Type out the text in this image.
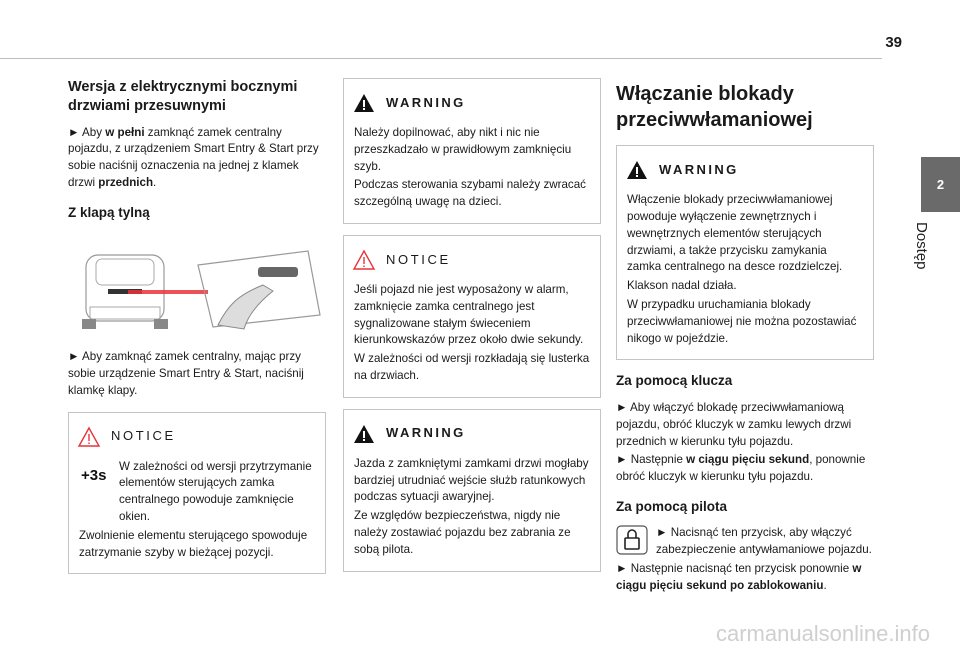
39
2
Dostęp
Wersja z elektrycznymi bocznymi drzwiami przesuwnymi

► Aby w pełni zamknąć zamek centralny pojazdu, z urządzeniem Smart Entry & Start przy sobie naciśnij oznaczenia na jednej z klamek drzwi przednich.

Z klapą tylną

► Aby zamknąć zamek centralny, mając przy sobie urządzenie Smart Entry & Start, naciśnij klamkę klapy.

NOTICE
+3s

W zależności od wersji przytrzymanie elementów sterujących zamka centralnego powoduje zamknięcie okien.

Zwolnienie elementu sterującego spowoduje zatrzymanie szyby w bieżącej pozycji.

WARNING

Należy dopilnować, aby nikt i nic nie przeszkadzało w prawidłowym zamknięciu szyb.

Podczas sterowania szybami należy zwracać szczególną uwagę na dzieci.

NOTICE

Jeśli pojazd nie jest wyposażony w alarm, zamknięcie zamka centralnego jest sygnalizowane stałym świeceniem kierunkowskazów przez około dwie sekundy.

W zależności od wersji rozkładają się lusterka na drzwiach.

WARNING

Jazda z zamkniętymi zamkami drzwi mogłaby bardziej utrudniać wejście służb ratunkowych podczas sytuacji awaryjnej.

Ze względów bezpieczeństwa, nigdy nie należy zostawiać pojazdu bez zabrania ze sobą pilota.

Włączanie blokady przeciwwłamaniowej
WARNING

Włączenie blokady przeciwwłamaniowej powoduje wyłączenie zewnętrznych i wewnętrznych elementów sterujących drzwiami, a także przycisku zamykania zamka centralnego na desce rozdzielczej.

Klakson nadal działa.

W przypadku uruchamiania blokady przeciwwłamaniowej nie można pozostawiać nikogo w pojeździe.

Za pomocą klucza

► Aby włączyć blokadę przeciwwłamaniową pojazdu, obróć kluczyk w zamku lewych drzwi przednich w kierunku tyłu pojazdu.

► Następnie w ciągu pięciu sekund, ponownie obróć kluczyk w kierunku tyłu pojazdu.

Za pomocą pilota

► Nacisnąć ten przycisk, aby włączyć zabezpieczenie antywłamaniowe pojazdu.

► Następnie nacisnąć ten przycisk ponownie w ciągu pięciu sekund po zablokowaniu.

carmanualsonline.info
